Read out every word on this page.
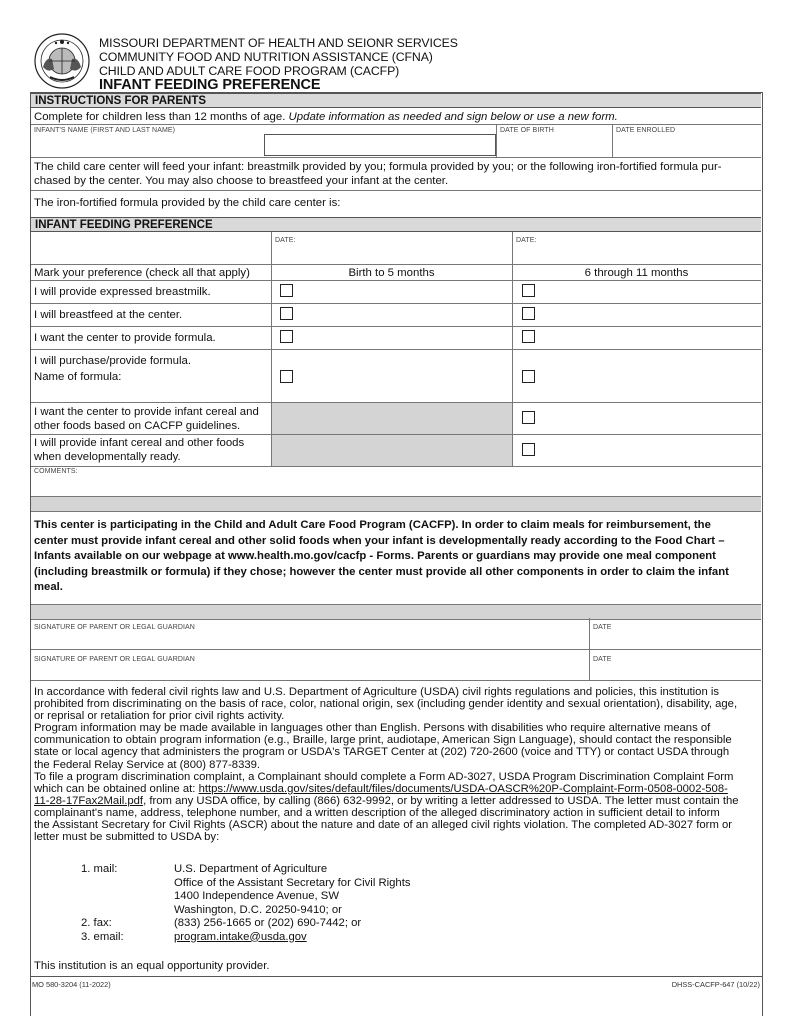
MISSOURI DEPARTMENT OF HEALTH AND SEIONR SERVICES
COMMUNITY FOOD AND NUTRITION ASSISTANCE (CFNA)
CHILD AND ADULT CARE FOOD PROGRAM (CACFP)
INFANT FEEDING PREFERENCE
INSTRUCTIONS FOR PARENTS
Complete for children less than 12 months of age. Update information as needed and sign below or use a new form.
INFANT'S NAME (FIRST AND LAST NAME)	DATE OF BIRTH	DATE ENROLLED
The child care center will feed your infant: breastmilk provided by you; formula provided by you; or the following iron-fortified formula pur-
chased by the center. You may also choose to breastfeed your infant at the center.
The iron-fortified formula provided by the child care center is:
INFANT FEEDING PREFERENCE
DATE:	DATE:
Mark your preference (check all that apply)	Birth to 5 months	6 through 11 months
I will provide expressed breastmilk.
I will breastfeed at the center.
I want the center to provide formula.
I will purchase/provide formula.
Name of formula:
I want the center to provide infant cereal and
other foods based on CACFP guidelines.
I will provide infant cereal and other foods
when developmentally ready.
COMMENTS:
This center is participating in the Child and Adult Care Food Program (CACFP). In order to claim meals for reimbursement, the
center must provide infant cereal and other solid foods when your infant is developmentally ready according to the Food Chart –
Infants available on our webpage at www.health.mo.gov/cacfp - Forms. Parents or guardians may provide one meal component
(including breastmilk or formula) if they chose; however the center must provide all other components in order to claim the infant
meal.
SIGNATURE OF PARENT OR LEGAL GUARDIAN	DATE
SIGNATURE OF PARENT OR LEGAL GUARDIAN	DATE
In accordance with federal civil rights law and U.S. Department of Agriculture (USDA) civil rights regulations and policies, this institution is
prohibited from discriminating on the basis of race, color, national origin, sex (including gender identity and sexual orientation), disability, age,
or reprisal or retaliation for prior civil rights activity.
Program information may be made available in languages other than English. Persons with disabilities who require alternative means of
communication to obtain program information (e.g., Braille, large print, audiotape, American Sign Language), should contact the responsible
state or local agency that administers the program or USDA's TARGET Center at (202) 720-2600 (voice and TTY) or contact USDA through
the Federal Relay Service at (800) 877-8339.
To file a program discrimination complaint, a Complainant should complete a Form AD-3027, USDA Program Discrimination Complaint Form
which can be obtained online at: https://www.usda.gov/sites/default/files/documents/USDA-OASCR%20P-Complaint-Form-0508-0002-508-
11-28-17Fax2Mail.pdf, from any USDA office, by calling (866) 632-9992, or by writing a letter addressed to USDA. The letter must contain the
complainant's name, address, telephone number, and a written description of the alleged discriminatory action in sufficient detail to inform
the Assistant Secretary for Civil Rights (ASCR) about the nature and date of an alleged civil rights violation. The completed AD-3027 form or
letter must be submitted to USDA by:
1. mail:	U.S. Department of Agriculture
Office of the Assistant Secretary for Civil Rights
1400 Independence Avenue, SW
Washington, D.C. 20250-9410; or
2. fax:
3. email:
(833) 256-1665 or (202) 690-7442; or
program.intake@usda.gov
This institution is an equal opportunity provider.
MO 580-3204 (11-2022)	DHSS-CACFP-647 (10/22)
